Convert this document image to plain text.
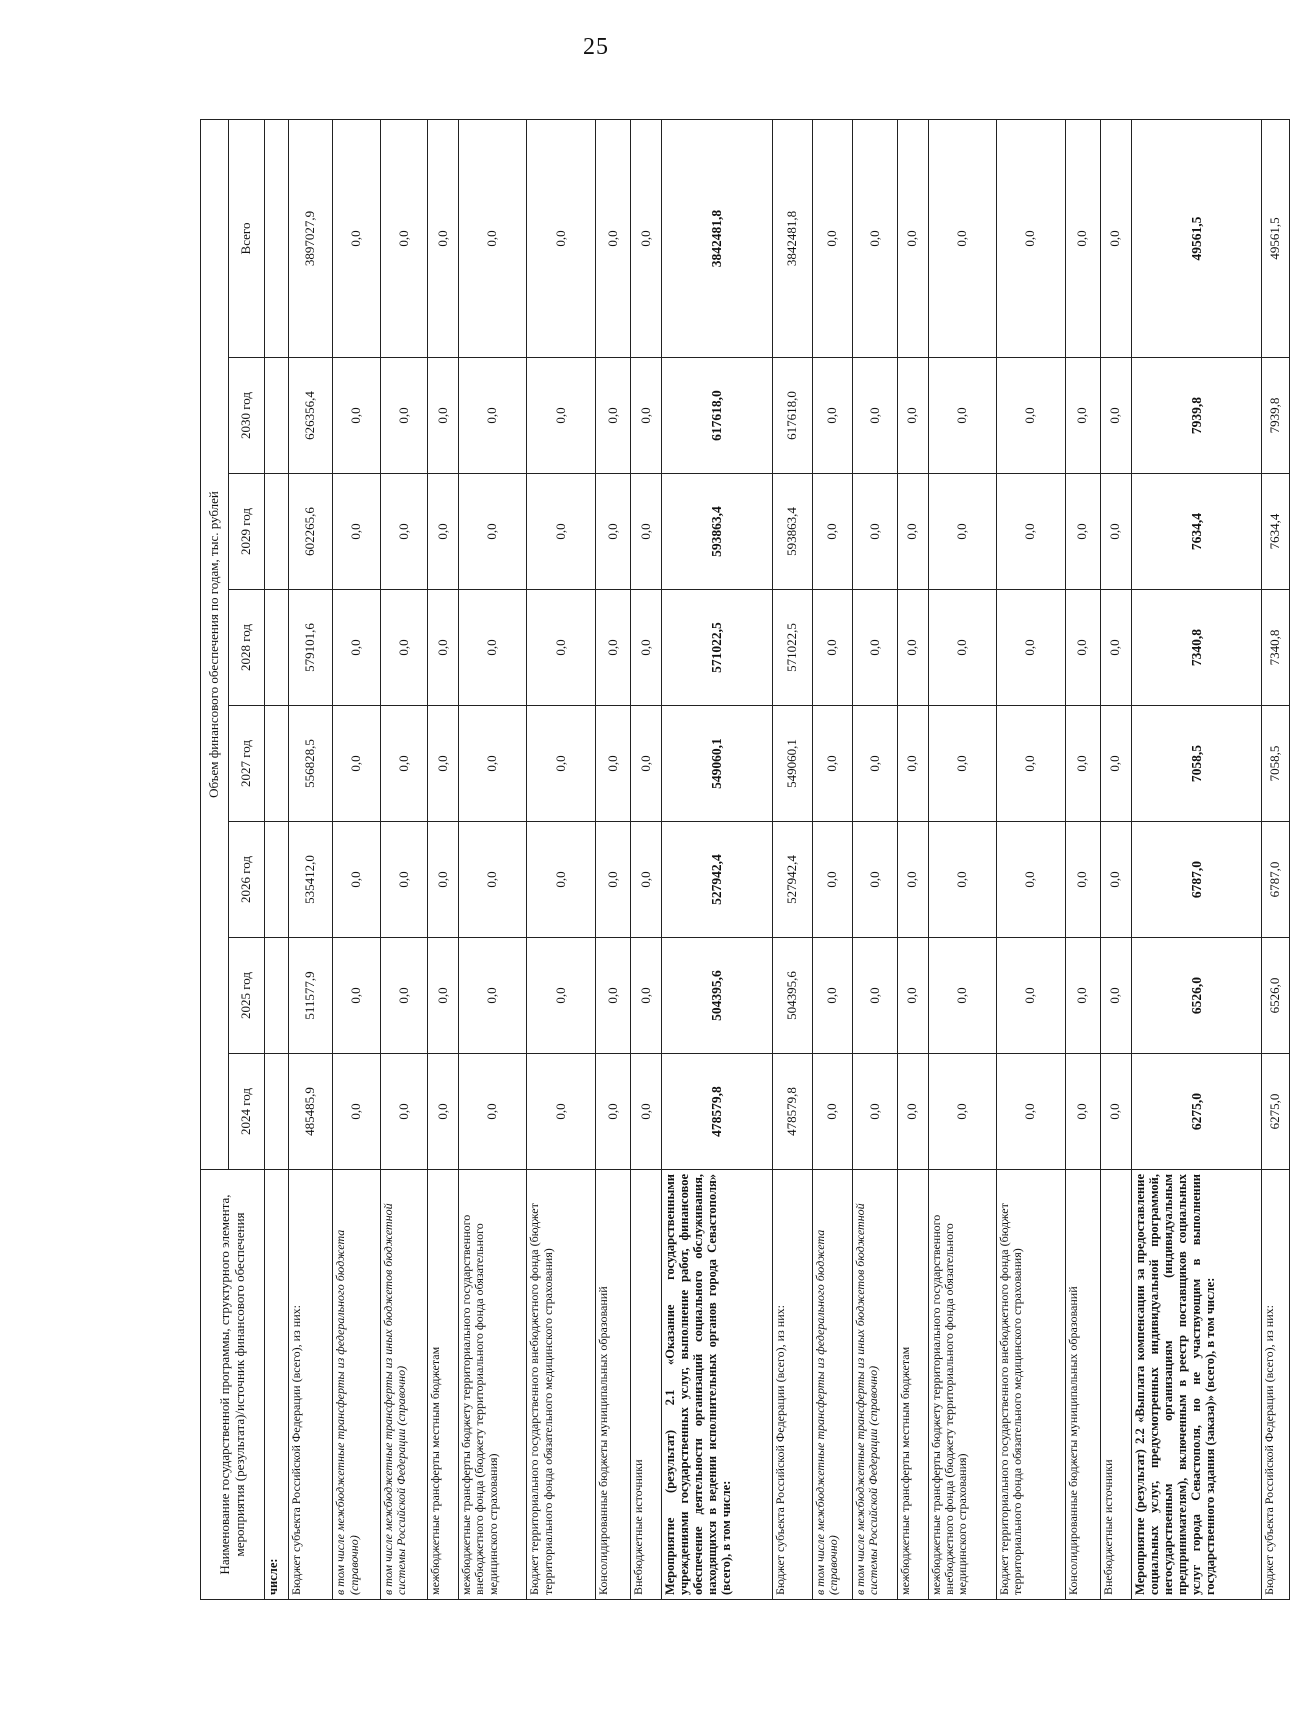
25
Наименование государственной программы, структурного элемента, мероприятия (результата)/источник финансового обеспечения	Объем финансового обеспечения по годам, тыс. рублей							
	2024 год	2025 год	2026 год	2027 год	2028 год	2029 год	2030 год	Всего
числе:								
Бюджет субъекта Российской Федерации (всего), из них:	485485,9	511577,9	535412,0	556828,5	579101,6	602265,6	626356,4	3897027,9
в том числе межбюджетные трансферты из федерального бюджета (справочно)	0,0	0,0	0,0	0,0	0,0	0,0	0,0	0,0
в том числе межбюджетные трансферты из иных бюджетов бюджетной системы Российской Федерации (справочно)	0,0	0,0	0,0	0,0	0,0	0,0	0,0	0,0
межбюджетные трансферты местным бюджетам	0,0	0,0	0,0	0,0	0,0	0,0	0,0	0,0
межбюджетные трансферты бюджету территориального государственного внебюджетного фонда (бюджету территориального фонда обязательного медицинского страхования)	0,0	0,0	0,0	0,0	0,0	0,0	0,0	0,0
Бюджет территориального государственного внебюджетного фонда (бюджет территориального фонда обязательного медицинского страхования)	0,0	0,0	0,0	0,0	0,0	0,0	0,0	0,0
Консолидированные бюджеты муниципальных образований	0,0	0,0	0,0	0,0	0,0	0,0	0,0	0,0
Внебюджетные источники	0,0	0,0	0,0	0,0	0,0	0,0	0,0	0,0
Мероприятие (результат) 2.1 «Оказание государственными учреждениями государственных услуг, выполнение работ, финансовое обеспечение деятельности организаций социального обслуживания, находящихся в ведении исполнительных органов города Севастополя» (всего), в том числе:	478579,8	504395,6	527942,4	549060,1	571022,5	593863,4	617618,0	3842481,8
Бюджет субъекта Российской Федерации (всего), из них:	478579,8	504395,6	527942,4	549060,1	571022,5	593863,4	617618,0	3842481,8
в том числе межбюджетные трансферты из федерального бюджета (справочно)	0,0	0,0	0,0	0,0	0,0	0,0	0,0	0,0
в том числе межбюджетные трансферты из иных бюджетов бюджетной системы Российской Федерации (справочно)	0,0	0,0	0,0	0,0	0,0	0,0	0,0	0,0
межбюджетные трансферты местным бюджетам	0,0	0,0	0,0	0,0	0,0	0,0	0,0	0,0
межбюджетные трансферты бюджету территориального государственного внебюджетного фонда (бюджету территориального фонда обязательного медицинского страхования)	0,0	0,0	0,0	0,0	0,0	0,0	0,0	0,0
Бюджет территориального государственного внебюджетного фонда (бюджет территориального фонда обязательного медицинского страхования)	0,0	0,0	0,0	0,0	0,0	0,0	0,0	0,0
Консолидированные бюджеты муниципальных образований	0,0	0,0	0,0	0,0	0,0	0,0	0,0	0,0
Внебюджетные источники	0,0	0,0	0,0	0,0	0,0	0,0	0,0	0,0
Мероприятие (результат) 2.2 «Выплата компенсации за предоставление социальных услуг, предусмотренных индивидуальной программой, негосударственным организациям (индивидуальным предпринимателям), включенным в реестр поставщиков социальных услуг города Севастополя, но не участвующим в выполнении государственного задания (заказа)» (всего), в том числе:	6275,0	6526,0	6787,0	7058,5	7340,8	7634,4	7939,8	49561,5
Бюджет субъекта Российской Федерации (всего), из них:	6275,0	6526,0	6787,0	7058,5	7340,8	7634,4	7939,8	49561,5
